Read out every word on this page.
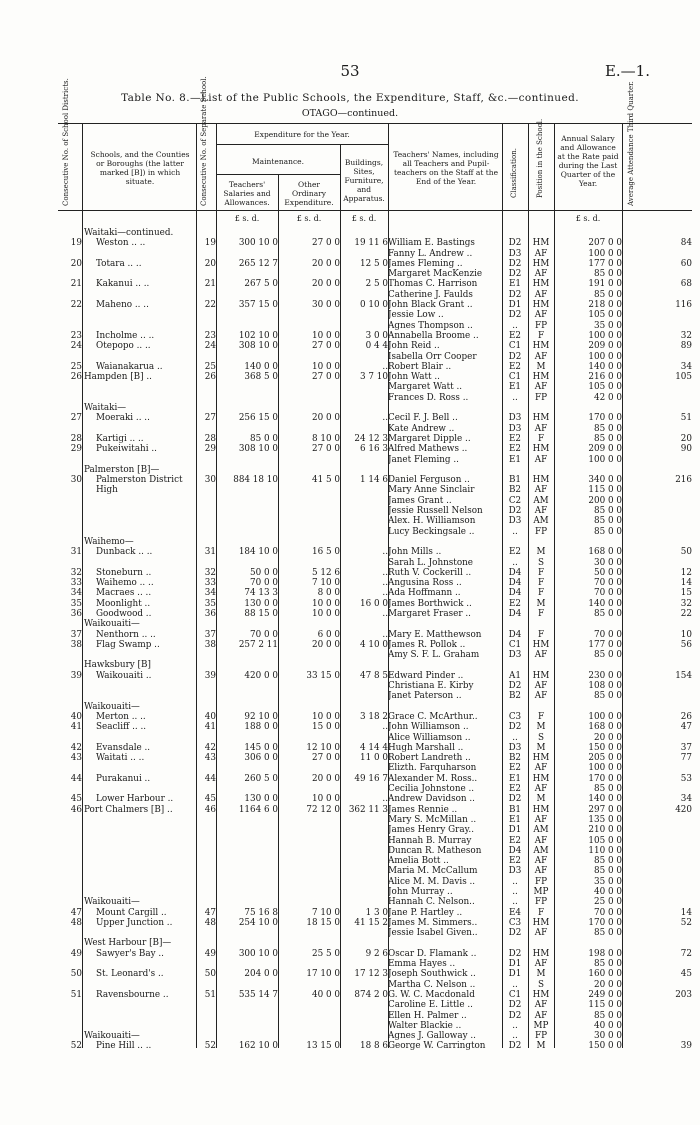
53	E.—1.
Table No. 8.—List of the Public Schools, the Expenditure, Staff, &c.—continued.
OTAGO—continued.
Consecutive No. of School Districts.	Schools, and the Counties or Boroughs (the latter marked [B]) in which situate.	Consecutive No. of Separate School.	Expenditure for the Year.
Maintenance.
Teachers' Salaries and Allowances.
Other Ordinary Expenditure.
Buildings, Sites, Furniture, and Apparatus.
Teachers' Names, including all Teachers and Pupil-teachers on the Staff at the End of the Year.	Classification.	Position in the School.	Annual Salary and Allowance at the Rate paid during the Last Quarter of the Year.	Average Attendance Third Quarter.
£ s. d.	£ s. d.	£ s. d.	£ s. d.
	Waitaki—continued.									
19	Weston .. ..	19	300 10 0	27 0 0	19 11 6	William E. Bastings	D2	HM	207 0 0	84
						Fanny L. Andrew ..	D3	AF	100 0 0	
20	Totara .. ..	20	265 12 7	20 0 0	12 5 0	James Fleming ..	D2	HM	177 0 0	60
						Margaret MacKenzie	D2	AF	85 0 0	
21	Kakanui .. ..	21	267 5 0	20 0 0	2 5 0	Thomas C. Harrison	E1	HM	191 0 0	68
						Catherine J. Faulds	D2	AF	85 0 0	
22	Maheno .. ..	22	357 15 0	30 0 0	0 10 0	John Black Grant ..	D1	HM	218 0 0	116
						Jessie Low ..	D2	AF	105 0 0	
						Agnes Thompson ..	..	FP	35 0 0	
23	Incholme .. ..	23	102 10 0	10 0 0	3 0 0	Annabella Broome ..	E2	F	100 0 0	32
24	Otepopo .. ..	24	308 10 0	27 0 0	0 4 4	John Reid ..	C1	HM	209 0 0	89
						Isabella Orr Cooper	D2	AF	100 0 0	
25	Waianakarua ..	25	140 0 0	10 0 0	..	Robert Blair ..	E2	M	140 0 0	34
26	Hampden [B] ..	26	368 5 0	27 0 0	3 7 10	John Watt ..	C1	HM	216 0 0	105
						Margaret Watt ..	E1	AF	105 0 0	
						Frances D. Ross ..	..	FP	42 0 0	
	Waitaki—									
27	Moeraki .. ..	27	256 15 0	20 0 0	..	Cecil F. J. Bell ..	D3	HM	170 0 0	51
						Kate Andrew ..	D3	AF	85 0 0	
28	Kartigi .. ..	28	85 0 0	8 10 0	24 12 3	Margaret Dipple ..	E2	F	85 0 0	20
29	Pukeiwitahi ..	29	308 10 0	27 0 0	6 16 3	Alfred Mathews ..	E2	HM	209 0 0	90
						Janet Fleming ..	E1	AF	100 0 0	
	Palmerston [B]—									
30	Palmerston District	30	884 18 10	41 5 0	1 14 6	Daniel Ferguson ..	B1	HM	340 0 0	216
	High					Mary Anne Sinclair	B2	AF	115 0 0	
						James Grant ..	C2	AM	200 0 0	
						Jessie Russell Nelson	D2	AF	85 0 0	
						Alex. H. Williamson	D3	AM	85 0 0	
						Lucy Beckingsale ..	..	FP	85 0 0	
	Waihemo—									
31	Dunback .. ..	31	184 10 0	16 5 0	..	John Mills ..	E2	M	168 0 0	50
						Sarah L. Johnstone	..	S	30 0 0	
32	Stoneburn ..	32	50 0 0	5 12 6	..	Ruth V. Cockerill ..	D4	F	50 0 0	12
33	Waihemo .. ..	33	70 0 0	7 10 0	..	Angusina Ross ..	D4	F	70 0 0	14
34	Macraes .. ..	34	74 13 3	8 0 0	..	Ada Hoffmann ..	D4	F	70 0 0	15
35	Moonlight ..	35	130 0 0	10 0 0	16 0 0	James Borthwick ..	E2	M	140 0 0	32
36	Goodwood ..	36	88 15 0	10 0 0	..	Margaret Fraser ..	D4	F	85 0 0	22
	Waikouaiti—									
37	Nenthorn .. ..	37	70 0 0	6 0 0	..	Mary E. Matthewson	D4	F	70 0 0	10
38	Flag Swamp ..	38	257 2 11	20 0 0	4 10 0	James R. Pollok ..	C1	HM	177 0 0	56
						Amy S. F. L. Graham	D3	AF	85 0 0	
	Hawksbury [B]									
39	Waikouaiti ..	39	420 0 0	33 15 0	47 8 5	Edward Pinder ..	A1	HM	230 0 0	154
						Christiana E. Kirby	D2	AF	108 0 0	
						Janet Paterson ..	B2	AF	85 0 0	
	Waikouaiti—									
40	Merton .. ..	40	92 10 0	10 0 0	3 18 2	Grace C. McArthur..	C3	F	100 0 0	26
41	Seacliff .. ..	41	188 0 0	15 0 0	..	John Williamson ..	D2	M	168 0 0	47
						Alice Williamson ..	..	S	20 0 0	
42	Evansdale ..	42	145 0 0	12 10 0	4 14 4	Hugh Marshall ..	D3	M	150 0 0	37
43	Waitati .. ..	43	306 0 0	27 0 0	11 0 0	Robert Landreth ..	B2	HM	205 0 0	77
						Elizth. Farquharson	E2	AF	100 0 0	
44	Purakanui ..	44	260 5 0	20 0 0	49 16 7	Alexander M. Ross..	E1	HM	170 0 0	53
						Cecilia Johnstone ..	E2	AF	85 0 0	
45	Lower Harbour ..	45	130 0 0	10 0 0	..	Andrew Davidson ..	D2	M	140 0 0	34
46	Port Chalmers [B] ..	46	1164 6 0	72 12 0	362 11 3	James Rennie ..	B1	HM	297 0 0	420
						Mary S. McMillan ..	E1	AF	135 0 0	
						James Henry Gray..	D1	AM	210 0 0	
						Hannah B. Murray	E2	AF	105 0 0	
						Duncan R. Matheson	D4	AM	110 0 0	
						Amelia Bott ..	E2	AF	85 0 0	
						Maria M. McCallum	D3	AF	85 0 0	
						Alice M. M. Davis ..	..	FP	35 0 0	
						John Murray ..	..	MP	40 0 0	
	Waikouaiti—					Hannah C. Nelson..	..	FP	25 0 0	
47	Mount Cargill ..	47	75 16 8	7 10 0	1 3 0	Jane P. Hartley ..	E4	F	70 0 0	14
48	Upper Junction ..	48	254 10 0	18 15 0	41 15 2	James M. Simmers..	C3	HM	170 0 0	52
						Jessie Isabel Given..	D2	AF	85 0 0	
	West Harbour [B]—									
49	Sawyer's Bay ..	49	300 10 0	25 5 0	9 2 6	Oscar D. Flamank ..	D2	HM	198 0 0	72
						Emma Hayes ..	D1	AF	85 0 0	
50	St. Leonard's ..	50	204 0 0	17 10 0	17 12 3	Joseph Southwick ..	D1	M	160 0 0	45
						Martha C. Nelson ..	..	S	20 0 0	
51	Ravensbourne ..	51	535 14 7	40 0 0	874 2 0	G. W. C. Macdonald	C1	HM	249 0 0	203
						Caroline E. Little ..	D2	AF	115 0 0	
						Ellen H. Palmer ..	D2	AF	85 0 0	
						Walter Blackie ..	..	MP	40 0 0	
	Waikouaiti—					Agnes J. Galloway ..	..	FP	30 0 0	
52	Pine Hill .. ..	52	162 10 0	13 15 0	18 8 6	George W. Carrington	D2	M	150 0 0	39
